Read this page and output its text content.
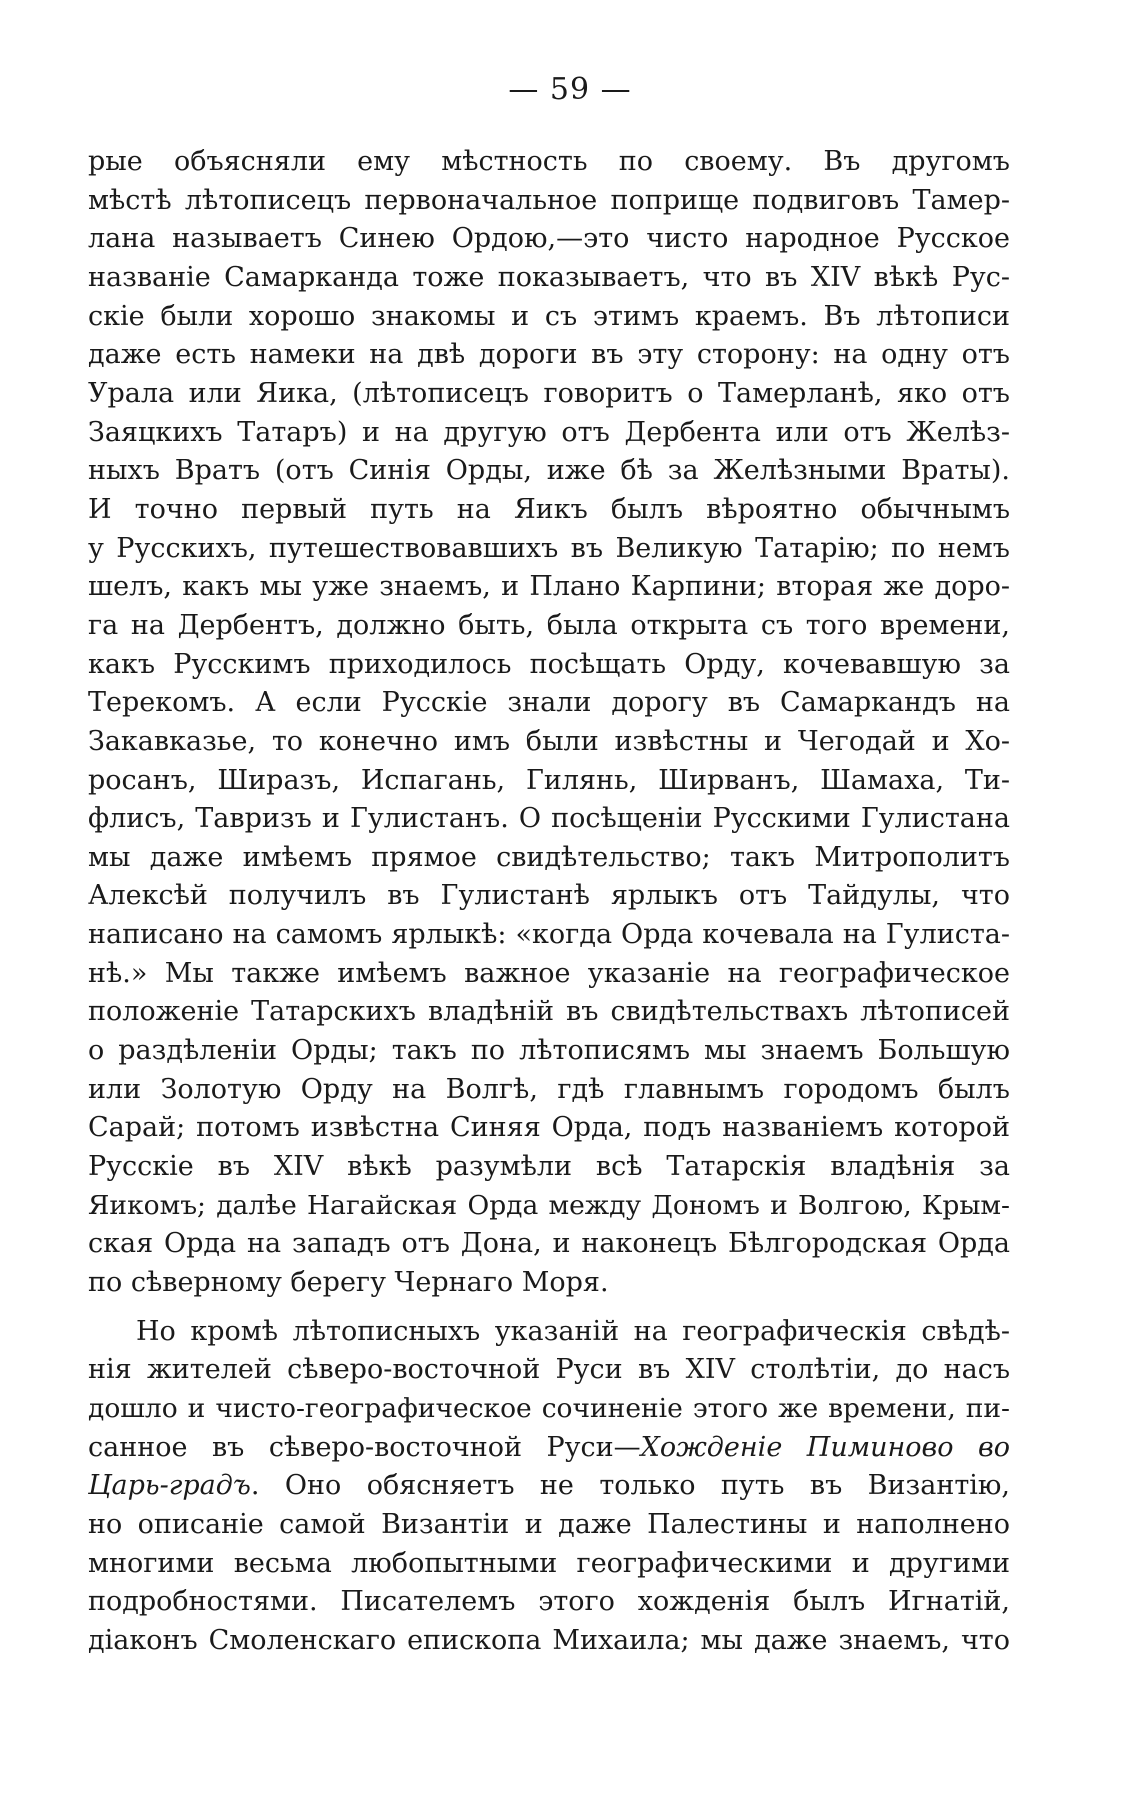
— 59 —
рые объясняли ему мѣстность по своему. Въ другомъ
мѣстѣ лѣтописецъ первоначальное поприще подвиговъ Тамер-
лана называетъ Синею Ордою,—это чисто народное Русское
названіе Самарканда тоже показываетъ, что въ XIV вѣкѣ Рус-
скіе были хорошо знакомы и съ этимъ краемъ. Въ лѣтописи
даже есть намеки на двѣ дороги въ эту сторону: на одну отъ
Урала или Яика, (лѣтописецъ говоритъ о Тамерланѣ, яко отъ
Заяцкихъ Татаръ) и на другую отъ Дербента или отъ Желѣз-
ныхъ Вратъ (отъ Синія Орды, иже бѣ за Желѣзными Враты).
И точно первый путь на Яикъ былъ вѣроятно обычнымъ
у Русскихъ, путешествовавшихъ въ Великую Татарію; по немъ
шелъ, какъ мы уже знаемъ, и Плано Карпини; вторая же доро-
га на Дербентъ, должно быть, была открыта съ того времени,
какъ Русскимъ приходилось посѣщать Орду, кочевавшую за
Терекомъ. А если Русскіе знали дорогу въ Самаркандъ на
Закавказье, то конечно имъ были извѣстны и Чегодай и Хо-
росанъ, Ширазъ, Испагань, Гилянь, Ширванъ, Шамаха, Ти-
флисъ, Тавризъ и Гулистанъ. О посѣщеніи Русскими Гулистана
мы даже имѣемъ прямое свидѣтельство; такъ Митрополитъ
Алексѣй получилъ въ Гулистанѣ ярлыкъ отъ Тайдулы, что
написано на самомъ ярлыкѣ: «когда Орда кочевала на Гулиста-
нѣ.» Мы также имѣемъ важное указаніе на географическое
положеніе Татарскихъ владѣній въ свидѣтельствахъ лѣтописей
о раздѣленіи Орды; такъ по лѣтописямъ мы знаемъ Большую
или Золотую Орду на Волгѣ, гдѣ главнымъ городомъ былъ
Сарай; потомъ извѣстна Синяя Орда, подъ названіемъ которой
Русскіе въ XIV вѣкѣ разумѣли всѣ Татарскія владѣнія за
Яикомъ; далѣе Нагайская Орда между Дономъ и Волгою, Крым-
ская Орда на западъ отъ Дона, и наконецъ Бѣлгородская Орда
по сѣверному берегу Чернаго Моря.
Но кромѣ лѣтописныхъ указаній на географическія свѣдѣ-
нія жителей сѣверо-восточной Руси въ XIV столѣтіи, до насъ
дошло и чисто-географическое сочиненіе этого же времени, пи-
санное въ сѣверо-восточной Руси—Хожденіе Пиминово во
Царь-градъ. Оно обясняетъ не только путь въ Византію,
но описаніе самой Византіи и даже Палестины и наполнено
многими весьма любопытными географическими и другими
подробностями. Писателемъ этого хожденія былъ Игнатій,
діаконъ Смоленскаго епископа Михаила; мы даже знаемъ, что
